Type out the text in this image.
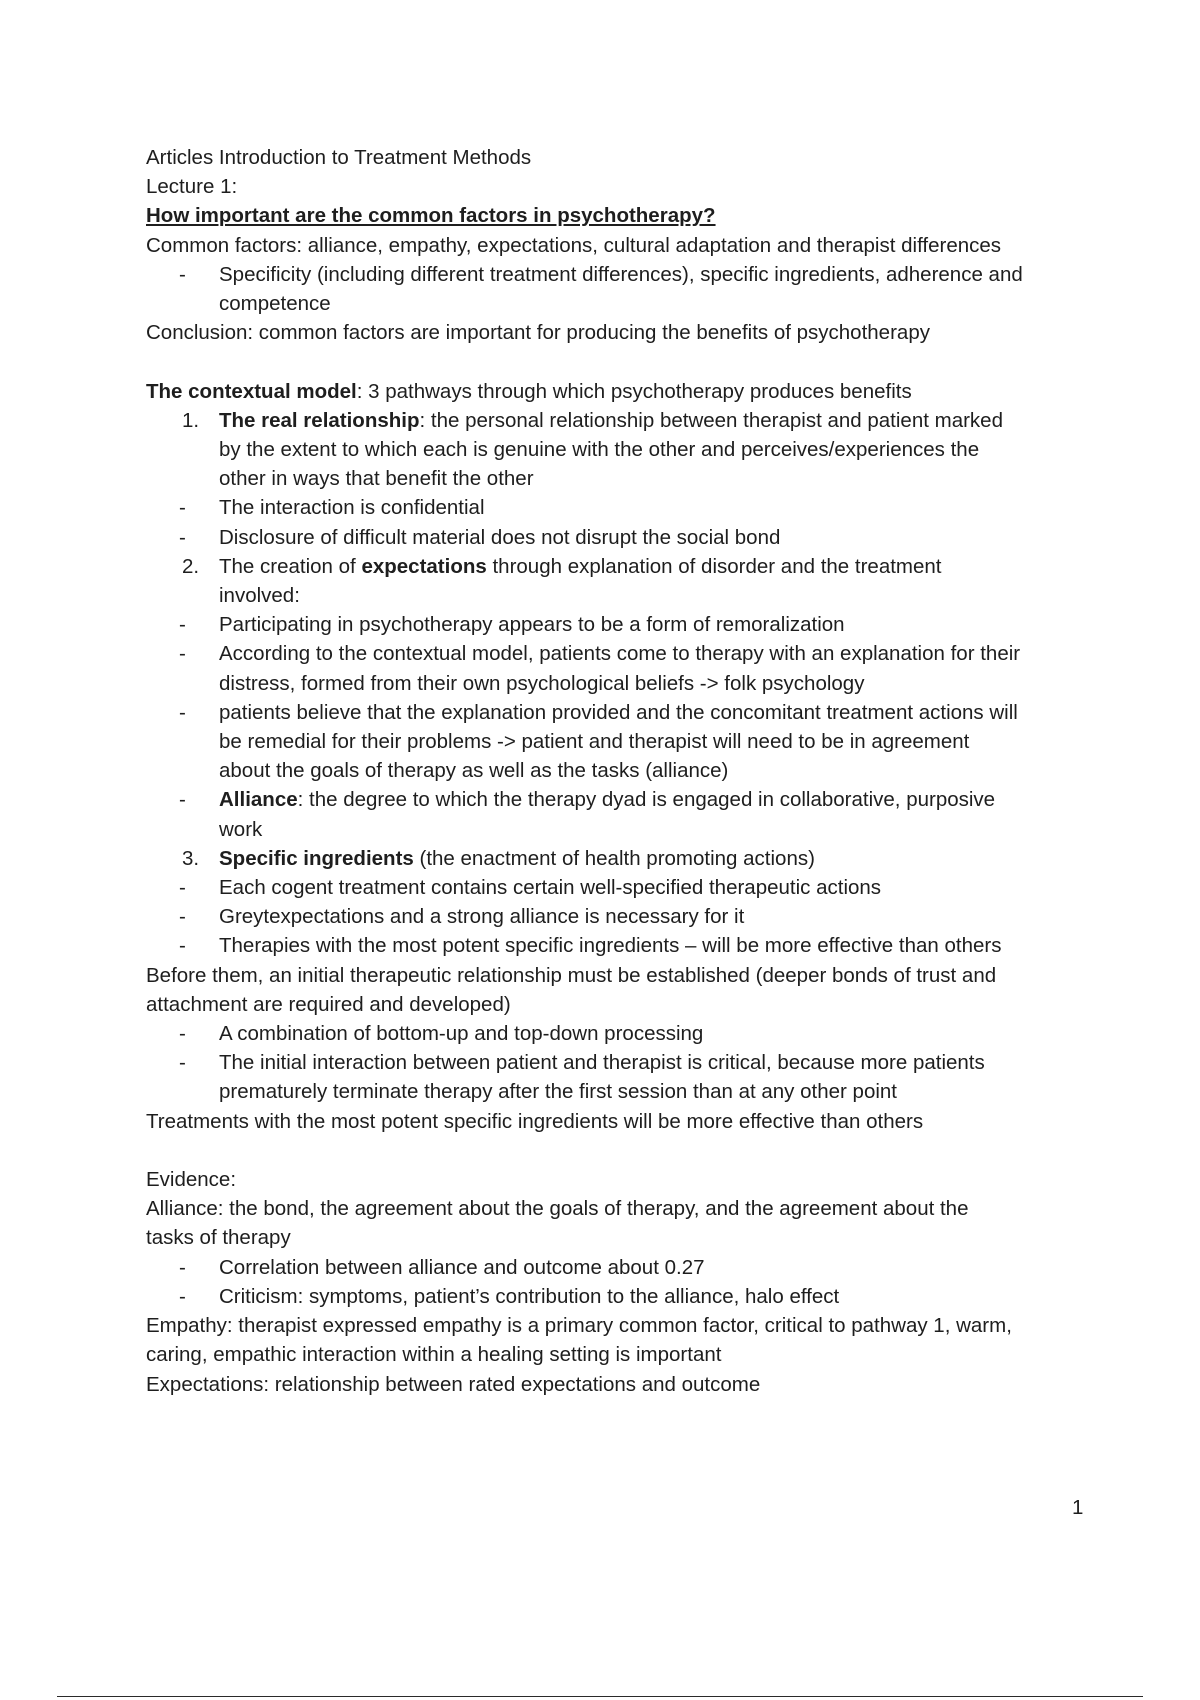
Articles Introduction to Treatment Methods
Lecture 1:
How important are the common factors in psychotherapy?
Common factors: alliance, empathy, expectations, cultural adaptation and therapist differences
- Specificity (including different treatment differences), specific ingredients, adherence and
competence
Conclusion: common factors are important for producing the benefits of psychotherapy
The contextual model: 3 pathways through which psychotherapy produces benefits
1. The real relationship: the personal relationship between therapist and patient marked
by the extent to which each is genuine with the other and perceives/experiences the
other in ways that benefit the other
- The interaction is confidential
- Disclosure of difficult material does not disrupt the social bond
2. The creation of expectations through explanation of disorder and the treatment
involved:
- Participating in psychotherapy appears to be a form of remoralization
- According to the contextual model, patients come to therapy with an explanation for their
distress, formed from their own psychological beliefs -> folk psychology
- patients believe that the explanation provided and the concomitant treatment actions will
be remedial for their problems -> patient and therapist will need to be in agreement
about the goals of therapy as well as the tasks (alliance)
- Alliance: the degree to which the therapy dyad is engaged in collaborative, purposive
work
3. Specific ingredients (the enactment of health promoting actions)
- Each cogent treatment contains certain well-specified therapeutic actions
- Greytexpectations and a strong alliance is necessary for it
- Therapies with the most potent specific ingredients – will be more effective than others
Before them, an initial therapeutic relationship must be established (deeper bonds of trust and
attachment are required and developed)
- A combination of bottom-up and top-down processing
- The initial interaction between patient and therapist is critical, because more patients
prematurely terminate therapy after the first session than at any other point
Treatments with the most potent specific ingredients will be more effective than others
Evidence:
Alliance: the bond, the agreement about the goals of therapy, and the agreement about the
tasks of therapy
- Correlation between alliance and outcome about 0.27
- Criticism: symptoms, patient’s contribution to the alliance, halo effect
Empathy: therapist expressed empathy is a primary common factor, critical to pathway 1, warm,
caring, empathic interaction within a healing setting is important
Expectations: relationship between rated expectations and outcome
1
